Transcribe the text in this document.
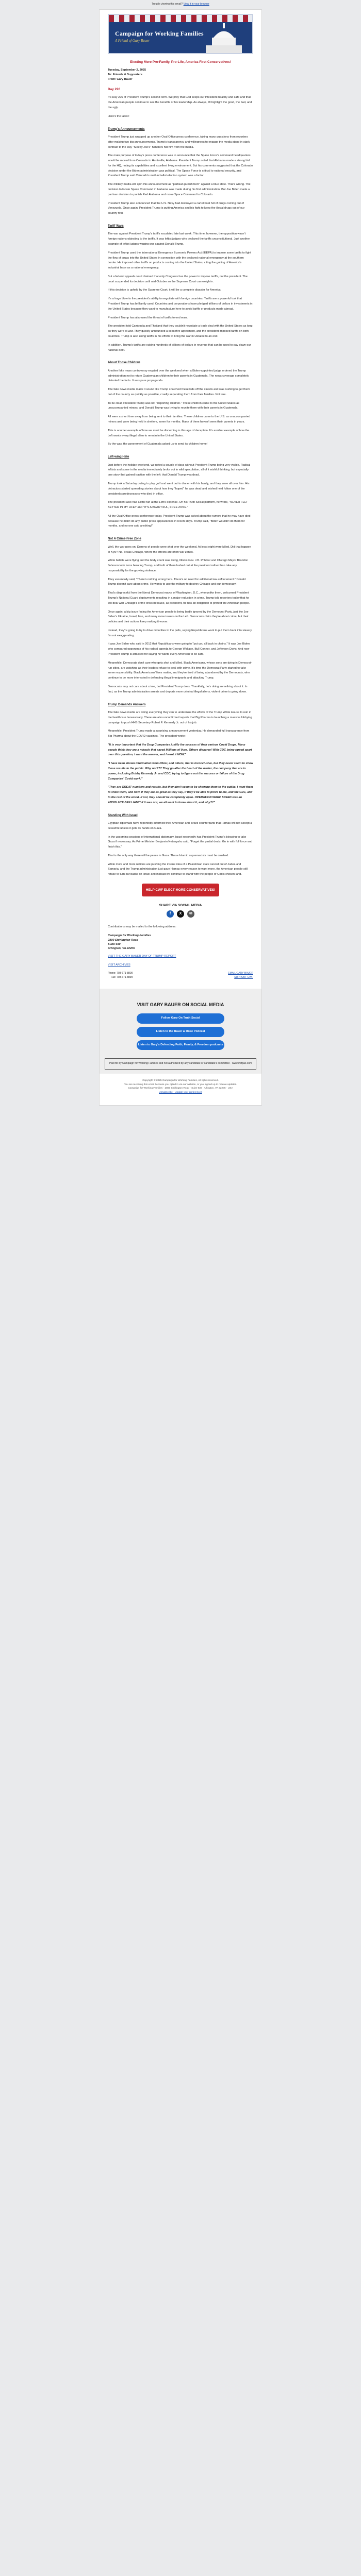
Trouble viewing this email? View it in your browser
Campaign for Working Families
A Friend of Gary Bauer
Electing More Pro-Family, Pro-Life, America First Conservatives!
Tuesday, September 2, 2025
To: Friends & Supporters
From: Gary Bauer
Day 226

It's Day 226 of President Trump's second term. We pray that God keeps our President healthy and safe and that the American people continue to see the benefits of his leadership. As always, I'll highlight the good, the bad, and the ugly.

Here's the latest:

Trump's Announcements

President Trump just wrapped up another Oval Office press conference, taking many questions from reporters after making two big announcements. Trump's transparency and willingness to engage the media stand in stark contrast to the way "Sleepy Joe's" handlers hid him from the media.

The main purpose of today's press conference was to announce that the Space Force's command headquarters would be moved from Colorado to Huntsville, Alabama. President Trump noted that Alabama made a strong bid for the HQ, noting its capabilities and excellent living environment. But his comments suggested that the Colorado decision under the Biden administration was political. The Space Force is critical to national security, and President Trump said Colorado's mail-in ballot election system was a factor.

The military media will spin this announcement as "partisan punishment" against a blue state. That's wrong. The decision to locate Space Command in Alabama was made during his first administration. But Joe Biden made a partisan decision to punish Red Alabama and move Space Command to Colorado.

President Trump also announced that the U.S. Navy had destroyed a cartel boat full of drugs coming out of Venezuela. Once again, President Trump is putting America and his fight to keep the illegal drugs out of our country first.

Tariff Wars

The war against President Trump's tariffs escalated late last week. This time, however, the opposition wasn't foreign nations objecting to the tariffs. It was leftist judges who declared the tariffs unconstitutional. Just another example of leftist judges waging war against Donald Trump.

President Trump used the International Emergency Economic Powers Act (IEEPA) to impose some tariffs to fight the flow of drugs into the United States in connection with the declared national emergency at the southern border. He imposed other tariffs on products coming into the United States, citing the gutting of America's industrial base as a national emergency.

But a federal appeals court claimed that only Congress has the power to impose tariffs, not the president. The court suspended its decision until mid-October so the Supreme Court can weigh in.

If this decision is upheld by the Supreme Court, it will be a complete disaster for America.

It's a huge blow to the president's ability to negotiate with foreign countries. Tariffs are a powerful tool that President Trump has brilliantly used. Countries and corporations have pledged trillions of dollars in investments in the United States because they want to manufacture here to avoid tariffs or products made abroad.

President Trump has also used the threat of tariffs to end wars.

The president told Cambodia and Thailand that they couldn't negotiate a trade deal with the United States as long as they were at war. They quickly announced a ceasefire agreement, and the president imposed tariffs on both countries. Trump is also using tariffs in his efforts to bring the war in Ukraine to an end.

In addition, Trump's tariffs are raising hundreds of billions of dollars in revenue that can be used to pay down our national debt.

About Those Children

Another fake news controversy erupted over the weekend when a Biden-appointed judge ordered the Trump administration not to return Guatemalan children to their parents in Guatemala. The news coverage completely distorted the facts. It was pure propaganda.

The fake news media made it sound like Trump snatched these kids off the streets and was rushing to get them out of the country as quickly as possible, cruelly separating them from their families. Not true.

To be clear, President Trump was not "deporting children." These children came to the United States as unaccompanied minors, and Donald Trump was trying to reunite them with their parents in Guatemala.

All were a short time away from being sent to their families. These children came to the U.S. as unaccompanied minors and were being held in shelters, some for months. Many of them haven't seen their parents in years.

This is another example of how we must be discerning in this age of deception. It's another example of how the Left wants every illegal alien to remain in the United States.

By the way, the government of Guatemala asked us to send its children home!

Left-wing Hate

Just before the holiday weekend, we noted a couple of days without President Trump being very visible. Radical leftists and some in the media immediately broke out in wild speculation, all of it wishful thinking, but especially one story that gained traction with the left: that Donald Trump was dead.

Trump took a Saturday outing to play golf and went out to dinner with his family, and they were all over him. His detractors started spreading stories about how they "hoped" he was dead and wished he'd follow one of the president's predecessors who died in office.

The president also had a little fun at the Left's expense. On his Truth Social platform, he wrote, "NEVER FELT BETTER IN MY LIFE!" and "IT'S A BEAUTIFUL, FREE ZONE."

All the Oval Office press conference today, President Trump was asked about the rumors that he may have died because he didn't do any public press appearances in recent days. Trump said, "Biden wouldn't do them for months, and no one said anything!"

Not A Crime-Free Zone

Well, the war goes on. Dozens of people were shot over the weekend. At least eight were killed. Did that happen in Kyiv? No. It was Chicago, where the streets are often war zones.

White ballots were flying and the body count was rising, Illinois Gov. J.B. Pritzker and Chicago Mayor Brandon Johnson took turns berating Trump, and both of them lashed out at the president rather than take any responsibility for the growing violence.

They essentially said, "There's nothing wrong here. There's no need for additional law enforcement." Donald Trump doesn't care about crime. He wants to use the military to destroy Chicago and our democracy!

That's disgraceful from the liberal Democrat mayor of Washington, D.C., who unlike them, welcomed President Trump's National Guard deployments resulting in a major reduction in crime. Trump told reporters today that he will deal with Chicago's crime crisis because, as president, he has an obligation to protect the American people.

Once again, a big issue facing the American people is being badly ignored by the Democrat Party, just like Joe Biden's Ukraine, Israel, Iran, and many more issues on the Left. Democrats claim they're about crime, but their policies and their actions keep making it worse.

Instead, they're going to try to drive minorities to the polls, saying Republicans want to put them back into slavery. I'm not exaggerating.

It was Joe Biden who said in 2012 that Republicans were going to "put you all back in chains." It was Joe Biden who compared opponents of his radical agenda to George Wallace, Bull Connor, and Jefferson Davis. And now President Trump is attacked for saying he wants every American to be safe.

Meanwhile, Democrats don't care who gets shot and killed. Black Americans, whose sons are dying in Democrat-run cities, are watching as their leaders refuse to deal with crime. It's time the Democrat Party started to take some responsibility. Black Americans' lives matter, and they're tired of being abandoned by the Democrats, who continue to be more interested in defending illegal immigrants and attacking Trump.

Democrats may not care about crime, but President Trump does. Thankfully, he's doing something about it. In fact, as the Trump administration arrests and deports more criminal illegal aliens, violent crime is going down.

Trump Demands Answers

The fake news media are doing everything they can to undermine the efforts of the Trump White House to rein in the healthcare bureaucracy. There are also unconfirmed reports that Big Pharma is launching a massive lobbying campaign to push HHS Secretary Robert F. Kennedy Jr. out of his job.

Meanwhile, President Trump made a surprising announcement yesterday. He demanded full transparency from Big Pharma about the COVID vaccines. The president wrote:

"It is very important that the Drug Companies justify the success of their various Covid Drugs. Many people think they are a miracle that saved Millions of lives. Others disagree! With CDC being ripped apart over this question, I want the answer, and I want it NOW."
"I have been shown information from Pfizer, and others, that is inconclusive, but they never seem to show these results to the public. Why not??? They go after the heart of the matter, the company that are in power, including Bobby Kennedy Jr. and CDC, trying to figure out the success or failure of the Drug Companies' Covid work."
"They are GREAT numbers and results, but they don't seem to be showing them to the public. I want them to show them, and now. If they are as great as they say, if they'll be able to prove to me, and the CDC, and to the rest of the world. If not, they should be completely open. OPERATION WARP SPEED was an ABSOLUTE BRILLIANT! If it was not, we all want to know about it, and why??"
Standing With Israel

Egyptian diplomats have reportedly informed their American and Israeli counterparts that Hamas will not accept a ceasefire unless it gets its hands on Gaza.

In the upcoming sessions of international diplomacy, Israel reportedly has President Trump's blessing to take Gaza if necessary. As Prime Minister Benjamin Netanyahu said, "Forget the partial deals. Go in with full force and finish this."

That is the only way there will be peace in Gaza. These Islamic supremacists must be crushed.

While more and more nations are pushing the insane idea of a Palestinian state carved out of Judea and Samaria, and the Trump administration just gave Hamas every reason to want more, the American people still refuse to turn our backs on Israel and instead we continue to stand with the people of God's chosen land.

HELP CWF ELECT MORE CONSERVATIVES!
SHARE VIA SOCIAL MEDIA
f	X	✉

Contributions may be mailed to the following address:

Campaign for Working Families
2800 Shirlington Road
Suite 930
Arlington, VA 22206

VISIT THE GARY BAUER DAY OF TRUMP REPORT

VISIT ARCHIVES

Phone: 703-671-8800
Fax: 703-671-8899
EMAIL GARY BAUER
SUPPORT CWF
VISIT GARY BAUER ON SOCIAL MEDIA
Follow Gary On Truth Social
Listen to the Bauer & Rose Podcast
Listen to Gary's Defending Faith, Family, & Freedom podcasts
Paid for by Campaign for Working Families and not authorized by any candidate or candidate's committee · www.cwfpac.com
Copyright © 2025 Campaign for Working Families, All rights reserved.
You are receiving this email because you opted in via our website, or you signed up to receive updates.
Campaign for Working Families · 2800 Shirlington Road · Suite 930 · Arlington, VA 22206 · USA
Unsubscribe · Update your preferences
